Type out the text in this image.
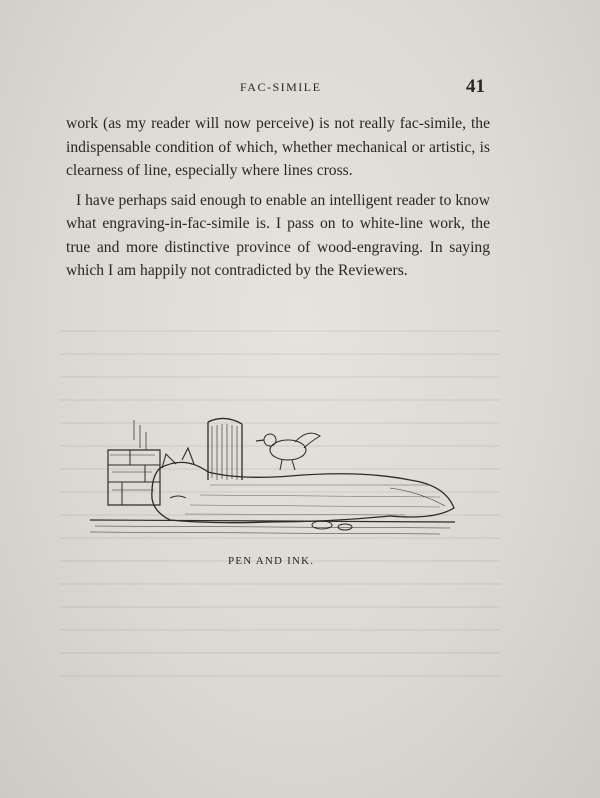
FAC-SIMILE	41

work (as my reader will now perceive) is not really fac-simile, the indispensable condition of which, whether mechanical or artistic, is clearness of line, especially where lines cross.

I have perhaps said enough to enable an intelligent reader to know what engraving-in-fac-simile is. I pass on to white-line work, the true and more distinctive province of wood-engraving. In saying which I am happily not contradicted by the Reviewers.

PEN AND INK.
